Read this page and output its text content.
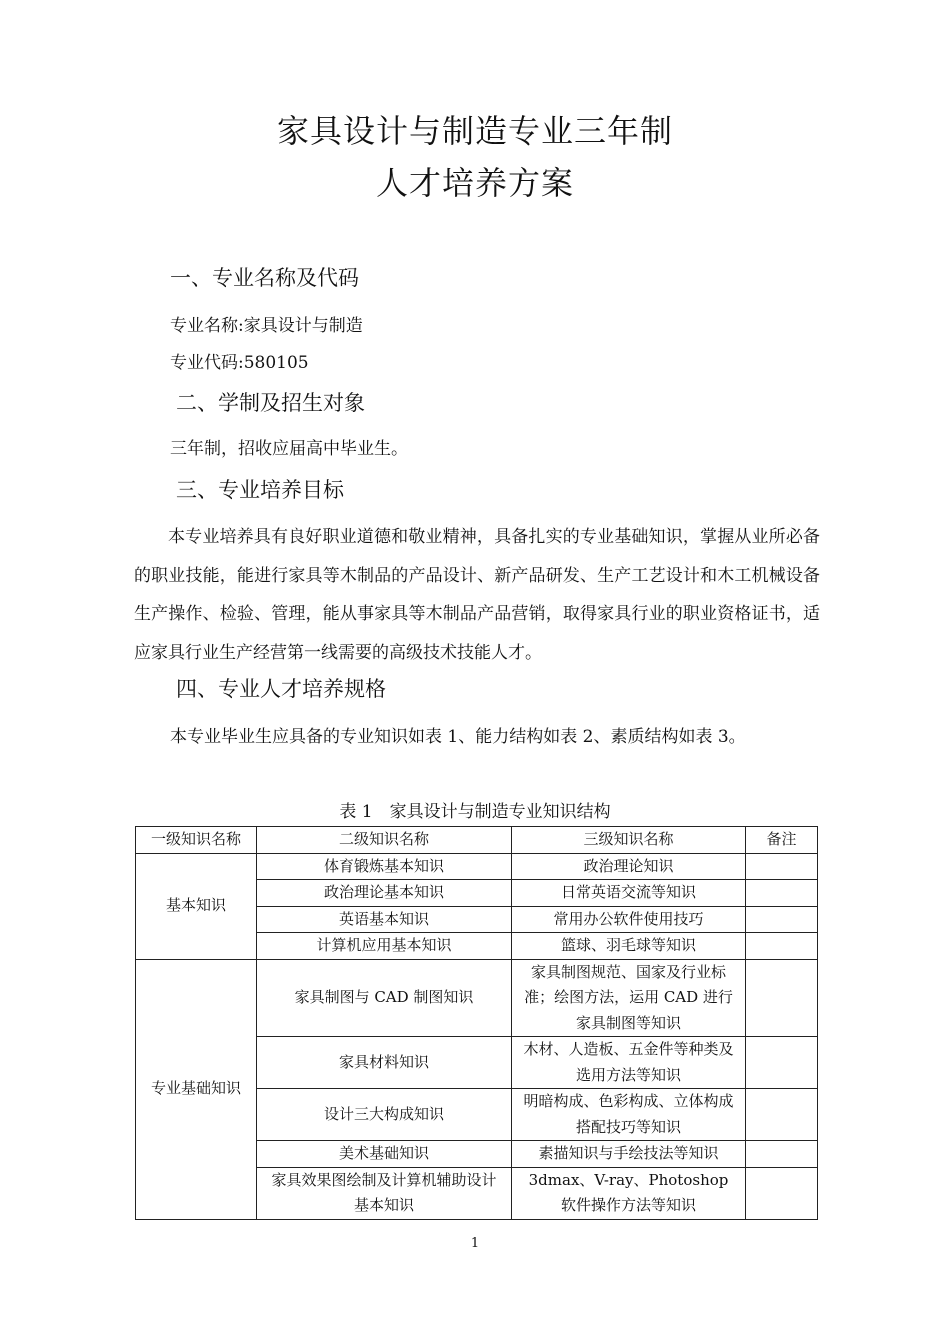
家具设计与制造专业三年制
人才培养方案
一、专业名称及代码
专业名称:家具设计与制造
专业代码:580105
二、学制及招生对象
三年制，招收应届高中毕业生。
三、专业培养目标
本专业培养具有良好职业道德和敬业精神，具备扎实的专业基础知识，掌握从业所必备的职业技能，能进行家具等木制品的产品设计、新产品研发、生产工艺设计和木工机械设备生产操作、检验、管理，能从事家具等木制品产品营销，取得家具行业的职业资格证书，适应家具行业生产经营第一线需要的高级技术技能人才。
四、专业人才培养规格
本专业毕业生应具备的专业知识如表 1、能力结构如表 2、素质结构如表 3。
表 1　家具设计与制造专业知识结构
一级知识名称	二级知识名称	三级知识名称	备注
基本知识	体育锻炼基本知识	政治理论知识	
	政治理论基本知识	日常英语交流等知识	
	英语基本知识	常用办公软件使用技巧	
	计算机应用基本知识	篮球、羽毛球等知识	
专业基础知识	家具制图与 CAD 制图知识	家具制图规范、国家及行业标准；绘图方法，运用 CAD 进行家具制图等知识	
	家具材料知识	木材、人造板、五金件等种类及选用方法等知识	
	设计三大构成知识	明暗构成、色彩构成、立体构成搭配技巧等知识	
	美术基础知识	素描知识与手绘技法等知识	
	家具效果图绘制及计算机辅助设计基本知识	3dmax、V-ray、Photoshop 软件操作方法等知识	
1
